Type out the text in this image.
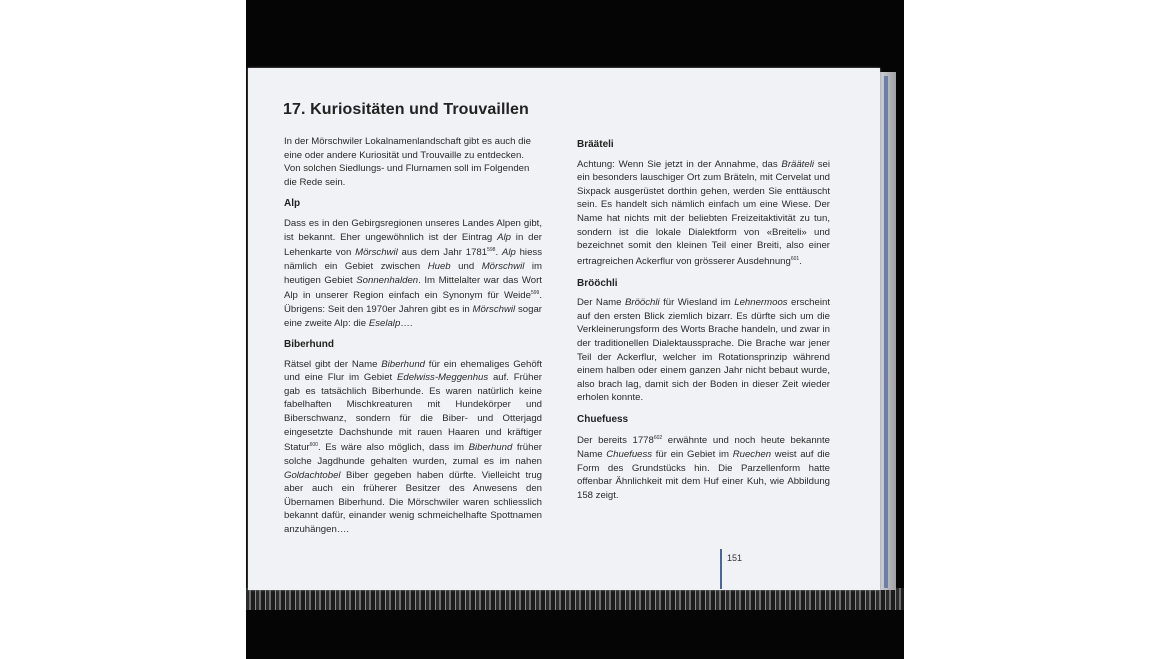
17. Kuriositäten und Trouvaillen

In der Mörschwiler Lokalnamenlandschaft gibt es auch die eine oder andere Kuriosität und Trouvaille zu entdecken. Von solchen Siedlungs- und Flurnamen soll im Folgenden die Rede sein.

Alp

Dass es in den Gebirgsregionen unseres Landes Alpen gibt, ist bekannt. Eher ungewöhnlich ist der Eintrag Alp in der Lehenkarte von Mörschwil aus dem Jahr 1781$^{598}$. Alp hiess nämlich ein Gebiet zwischen Hueb und Mörschwil im heutigen Gebiet Sonnenhalden. Im Mittelalter war das Wort Alp in unserer Region einfach ein Synonym für Weide$^{599}$. Übrigens: Seit den 1970er Jahren gibt es in Mörschwil sogar eine zweite Alp: die Eselalp….

Biberhund

Rätsel gibt der Name Biberhund für ein ehemaliges Gehöft und eine Flur im Gebiet Edelwiss-Meggenhus auf. Früher gab es tatsächlich Biberhunde. Es waren natürlich keine fabelhaften Mischkreaturen mit Hundekörper und Biberschwanz, sondern für die Biber- und Otterjagd eingesetzte Dachshunde mit rauen Haaren und kräftiger Statur$^{600}$. Es wäre also möglich, dass im Biberhund früher solche Jagdhunde gehalten wurden, zumal es im nahen Goldachtobel Biber gegeben haben dürfte. Vielleicht trug aber auch ein früherer Besitzer des Anwesens den Übernamen Biberhund. Die Mörschwiler waren schliesslich bekannt dafür, einander wenig schmeichelhafte Spottnamen anzuhängen….

Brääteli

Achtung: Wenn Sie jetzt in der Annahme, das Brääteli sei ein besonders lauschiger Ort zum Bräteln, mit Cervelat und Sixpack ausgerüstet dorthin gehen, werden Sie enttäuscht sein. Es handelt sich nämlich einfach um eine Wiese. Der Name hat nichts mit der beliebten Freizeitaktivität zu tun, sondern ist die lokale Dialektform von «Breiteli» und bezeichnet somit den kleinen Teil einer Breiti, also einer ertragreichen Ackerflur von grösserer Ausdehnung$^{601}$.

Brööchli

Der Name Brööchli für Wiesland im Lehnermoos erscheint auf den ersten Blick ziemlich bizarr. Es dürfte sich um die Verkleinerungsform des Worts Brache handeln, und zwar in der traditionellen Dialektaussprache. Die Brache war jener Teil der Ackerflur, welcher im Rotationsprinzip während einem halben oder einem ganzen Jahr nicht bebaut wurde, also brach lag, damit sich der Boden in dieser Zeit wieder erholen konnte.

Chuefuess

Der bereits 1778$^{602}$ erwähnte und noch heute bekannte Name Chuefuess für ein Gebiet im Ruechen weist auf die Form des Grundstücks hin. Die Parzellenform hatte offenbar Ähnlichkeit mit dem Huf einer Kuh, wie Abbildung 158 zeigt.

151
